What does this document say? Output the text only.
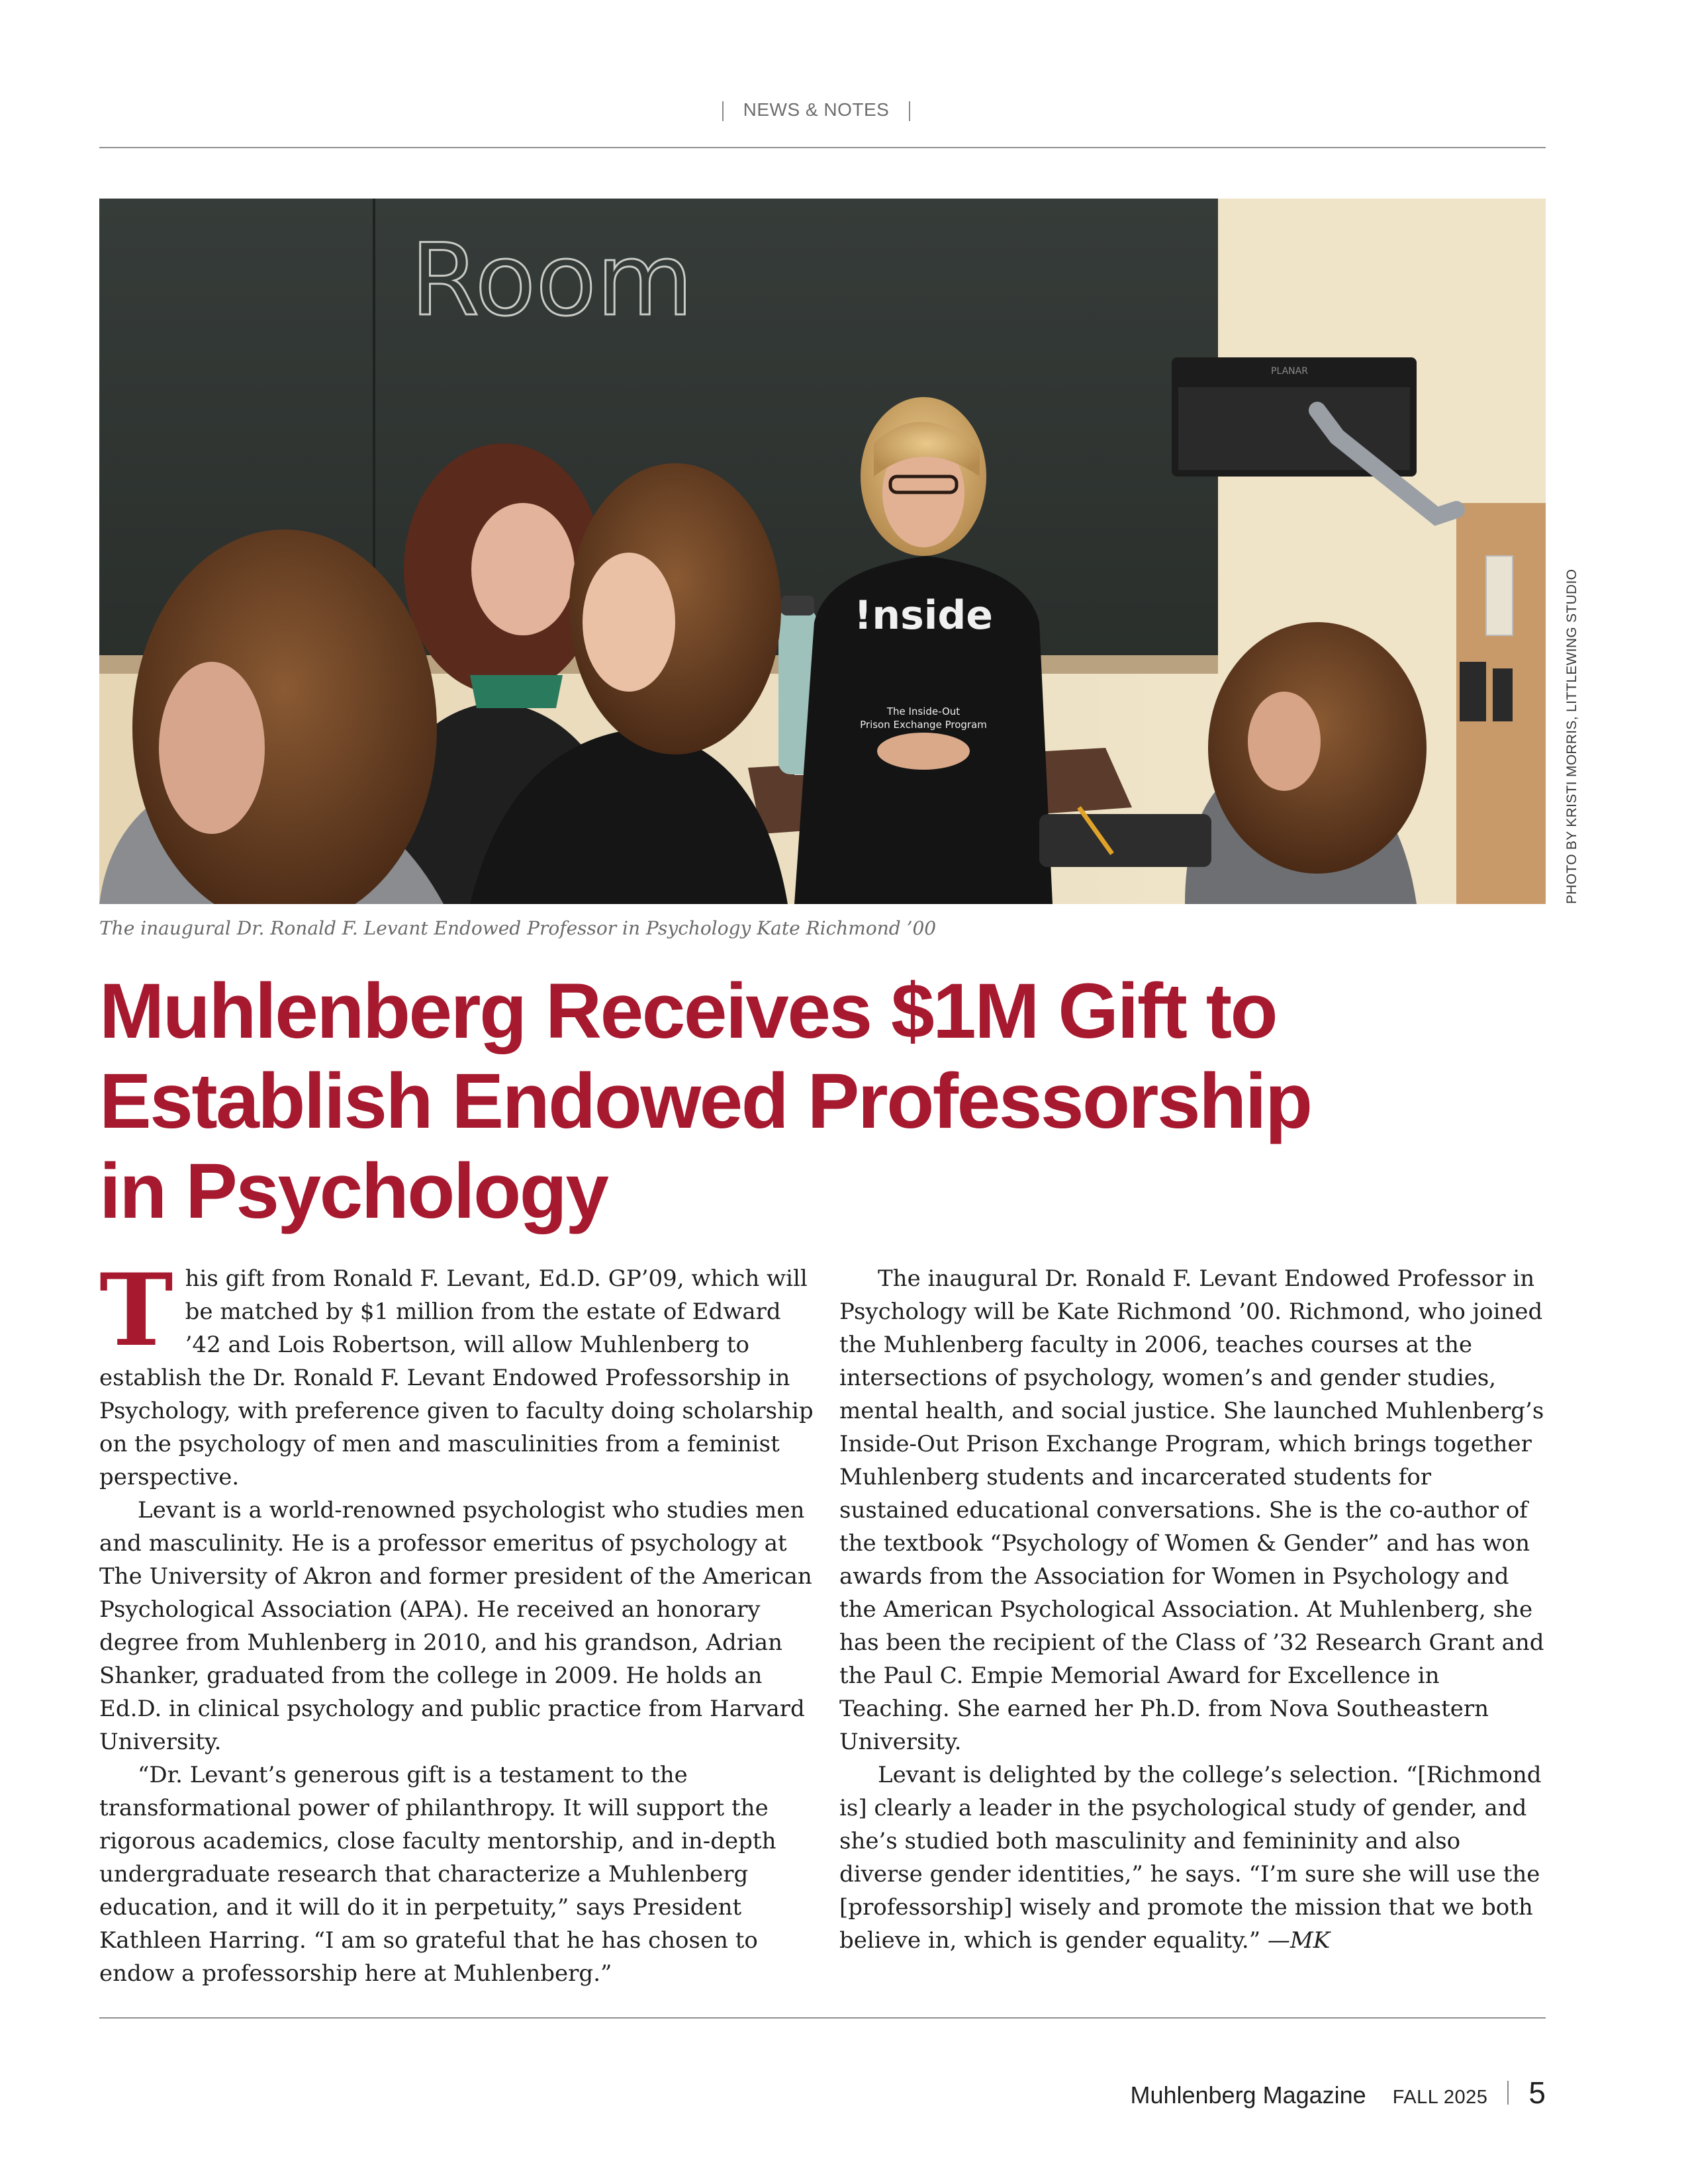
NEWS & NOTES
Room
PLANAR
!nside
The Inside-Out
Prison Exchange Program	PHOTO BY KRISTI MORRIS, LITTLEWING STUDIO
The inaugural Dr. Ronald F. Levant Endowed Professor in Psychology Kate Richmond ’00
Muhlenberg Receives $1M Gift to
Establish Endowed Professorship
in Psychology

This gift from Ronald F. Levant, Ed.D. GP’09, which will be matched by $1 million from the estate of Edward ’42 and Lois Robertson, will allow Muhlenberg to establish the Dr. Ronald F. Levant Endowed Professorship in Psychology, with preference given to faculty doing scholarship on the psychology of men and masculinities from a feminist perspective.

Levant is a world-renowned psychologist who studies men and masculinity. He is a professor emeritus of psychology at The University of Akron and former president of the American Psychological Association (APA). He received an honorary degree from Muhlenberg in 2010, and his grandson, Adrian Shanker, graduated from the college in 2009. He holds an Ed.D. in clinical psychology and public practice from Harvard University.

“Dr. Levant’s generous gift is a testament to the transformational power of philanthropy. It will support the rigorous academics, close faculty mentorship, and in-depth undergraduate research that characterize a Muhlenberg education, and it will do it in perpetuity,” says President Kathleen Harring. “I am so grateful that he has chosen to endow a professorship here at Muhlenberg.”

The inaugural Dr. Ronald F. Levant Endowed Professor in Psychology will be Kate Richmond ’00. Richmond, who joined the Muhlenberg faculty in 2006, teaches courses at the intersections of psychology, women’s and gender studies, mental health, and social justice. She launched Muhlenberg’s Inside-Out Prison Exchange Program, which brings together Muhlenberg students and incarcerated students for sustained educational conversations. She is the co-author of the textbook “Psychology of Women & Gender” and has won awards from the Association for Women in Psychology and the American Psychological Association. At Muhlenberg, she has been the recipient of the Class of ’32 Research Grant and the Paul C. Empie Memorial Award for Excellence in Teaching. She earned her Ph.D. from Nova Southeastern University.

Levant is delighted by the college’s selection. “[Richmond is] clearly a leader in the psychological study of gender, and she’s studied both masculinity and femininity and also diverse gender identities,” he says. “I’m sure she will use the [professorship] wisely and promote the mission that we both believe in, which is gender equality.” —MK

Muhlenberg Magazine FALL 2025 5
